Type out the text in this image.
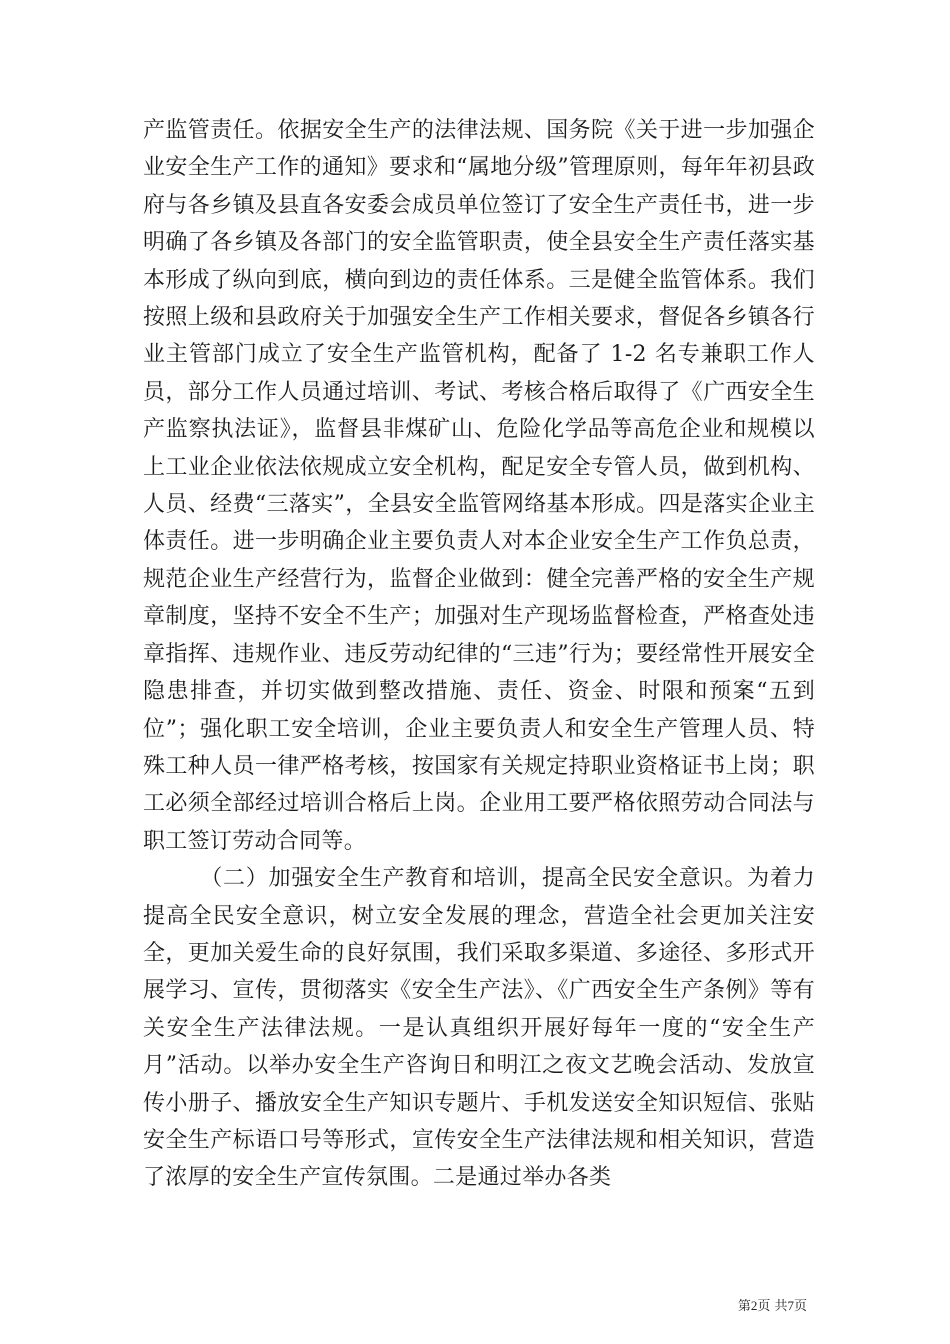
产监管责任。依据安全生产的法律法规、国务院《关于进一步加强企业安全生产工作的通知》要求和“属地分级”管理原则，每年年初县政府与各乡镇及县直各安委会成员单位签订了安全生产责任书，进一步明确了各乡镇及各部门的安全监管职责，使全县安全生产责任落实基本形成了纵向到底，横向到边的责任体系。三是健全监管体系。我们按照上级和县政府关于加强安全生产工作相关要求，督促各乡镇各行业主管部门成立了安全生产监管机构，配备了 1-2 名专兼职工作人员，部分工作人员通过培训、考试、考核合格后取得了《广西安全生产监察执法证》，监督县非煤矿山、危险化学品等高危企业和规模以上工业企业依法依规成立安全机构，配足安全专管人员，做到机构、人员、经费“三落实”，全县安全监管网络基本形成。四是落实企业主体责任。进一步明确企业主要负责人对本企业安全生产工作负总责，规范企业生产经营行为，监督企业做到：健全完善严格的安全生产规章制度，坚持不安全不生产；加强对生产现场监督检查，严格查处违章指挥、违规作业、违反劳动纪律的“三违”行为；要经常性开展安全隐患排查，并切实做到整改措施、责任、资金、时限和预案“五到位”；强化职工安全培训，企业主要负责人和安全生产管理人员、特殊工种人员一律严格考核，按国家有关规定持职业资格证书上岗；职工必须全部经过培训合格后上岗。企业用工要严格依照劳动合同法与职工签订劳动合同等。

（二）加强安全生产教育和培训，提高全民安全意识。为着力提高全民安全意识，树立安全发展的理念，营造全社会更加关注安全，更加关爱生命的良好氛围，我们采取多渠道、多途径、多形式开展学习、宣传，贯彻落实《安全生产法》、《广西安全生产条例》等有关安全生产法律法规。一是认真组织开展好每年一度的“安全生产月”活动。以举办安全生产咨询日和明江之夜文艺晚会活动、发放宣传小册子、播放安全生产知识专题片、手机发送安全知识短信、张贴安全生产标语口号等形式，宣传安全生产法律法规和相关知识，营造了浓厚的安全生产宣传氛围。二是通过举办各类

第2页 共7页
